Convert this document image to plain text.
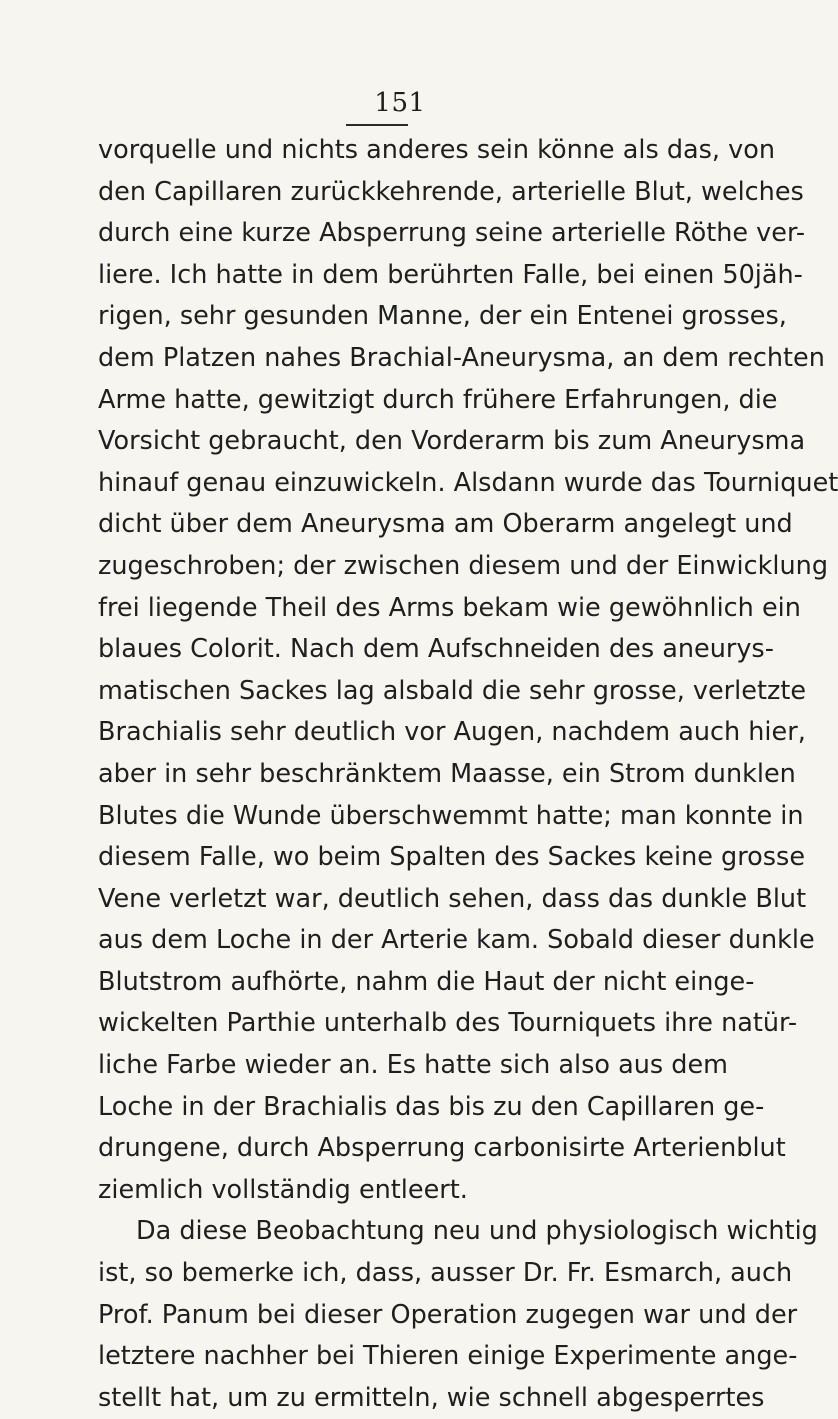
151
vorquelle und nichts anderes sein könne als das, von
den Capillaren zurückkehrende, arterielle Blut, welches
durch eine kurze Absperrung seine arterielle Röthe ver-
liere. Ich hatte in dem berührten Falle, bei einen 50jäh-
rigen, sehr gesunden Manne, der ein Entenei grosses,
dem Platzen nahes Brachial-Aneurysma, an dem rechten
Arme hatte, gewitzigt durch frühere Erfahrungen, die
Vorsicht gebraucht, den Vorderarm bis zum Aneurysma
hinauf genau einzuwickeln. Alsdann wurde das Tourniquet
dicht über dem Aneurysma am Oberarm angelegt und
zugeschroben; der zwischen diesem und der Einwicklung
frei liegende Theil des Arms bekam wie gewöhnlich ein
blaues Colorit. Nach dem Aufschneiden des aneurys-
matischen Sackes lag alsbald die sehr grosse, verletzte
Brachialis sehr deutlich vor Augen, nachdem auch hier,
aber in sehr beschränktem Maasse, ein Strom dunklen
Blutes die Wunde überschwemmt hatte; man konnte in
diesem Falle, wo beim Spalten des Sackes keine grosse
Vene verletzt war, deutlich sehen, dass das dunkle Blut
aus dem Loche in der Arterie kam. Sobald dieser dunkle
Blutstrom aufhörte, nahm die Haut der nicht einge-
wickelten Parthie unterhalb des Tourniquets ihre natür-
liche Farbe wieder an. Es hatte sich also aus dem
Loche in der Brachialis das bis zu den Capillaren ge-
drungene, durch Absperrung carbonisirte Arterienblut
ziemlich vollständig entleert.
Da diese Beobachtung neu und physiologisch wichtig
ist, so bemerke ich, dass, ausser Dr. Fr. Esmarch, auch
Prof. Panum bei dieser Operation zugegen war und der
letztere nachher bei Thieren einige Experimente ange-
stellt hat, um zu ermitteln, wie schnell abgesperrtes
